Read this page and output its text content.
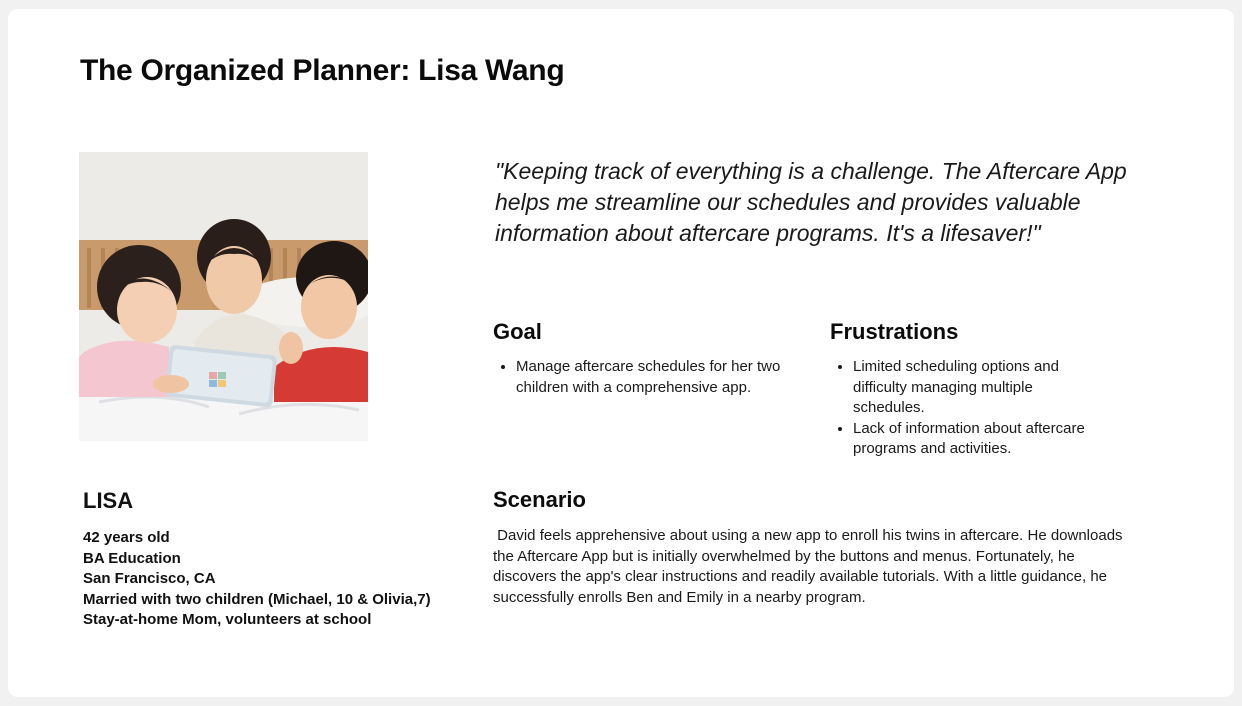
The Organized Planner: Lisa Wang
LISA
42 years old
BA Education
San Francisco, CA
Married with two children (Michael, 10 & Olivia,7)
Stay-at-home Mom, volunteers at school

"Keeping track of everything is a challenge. The Aftercare App helps me streamline our schedules and provides valuable information about aftercare programs. It's a lifesaver!"

Goal
• Manage aftercare schedules for her two children with a comprehensive app.
Frustrations
• Limited scheduling options and difficulty managing multiple schedules.
• Lack of information about aftercare programs and activities.
Scenario

David feels apprehensive about using a new app to enroll his twins in aftercare. He downloads the Aftercare App but is initially overwhelmed by the buttons and menus. Fortunately, he discovers the app's clear instructions and readily available tutorials. With a little guidance, he successfully enrolls Ben and Emily in a nearby program.
